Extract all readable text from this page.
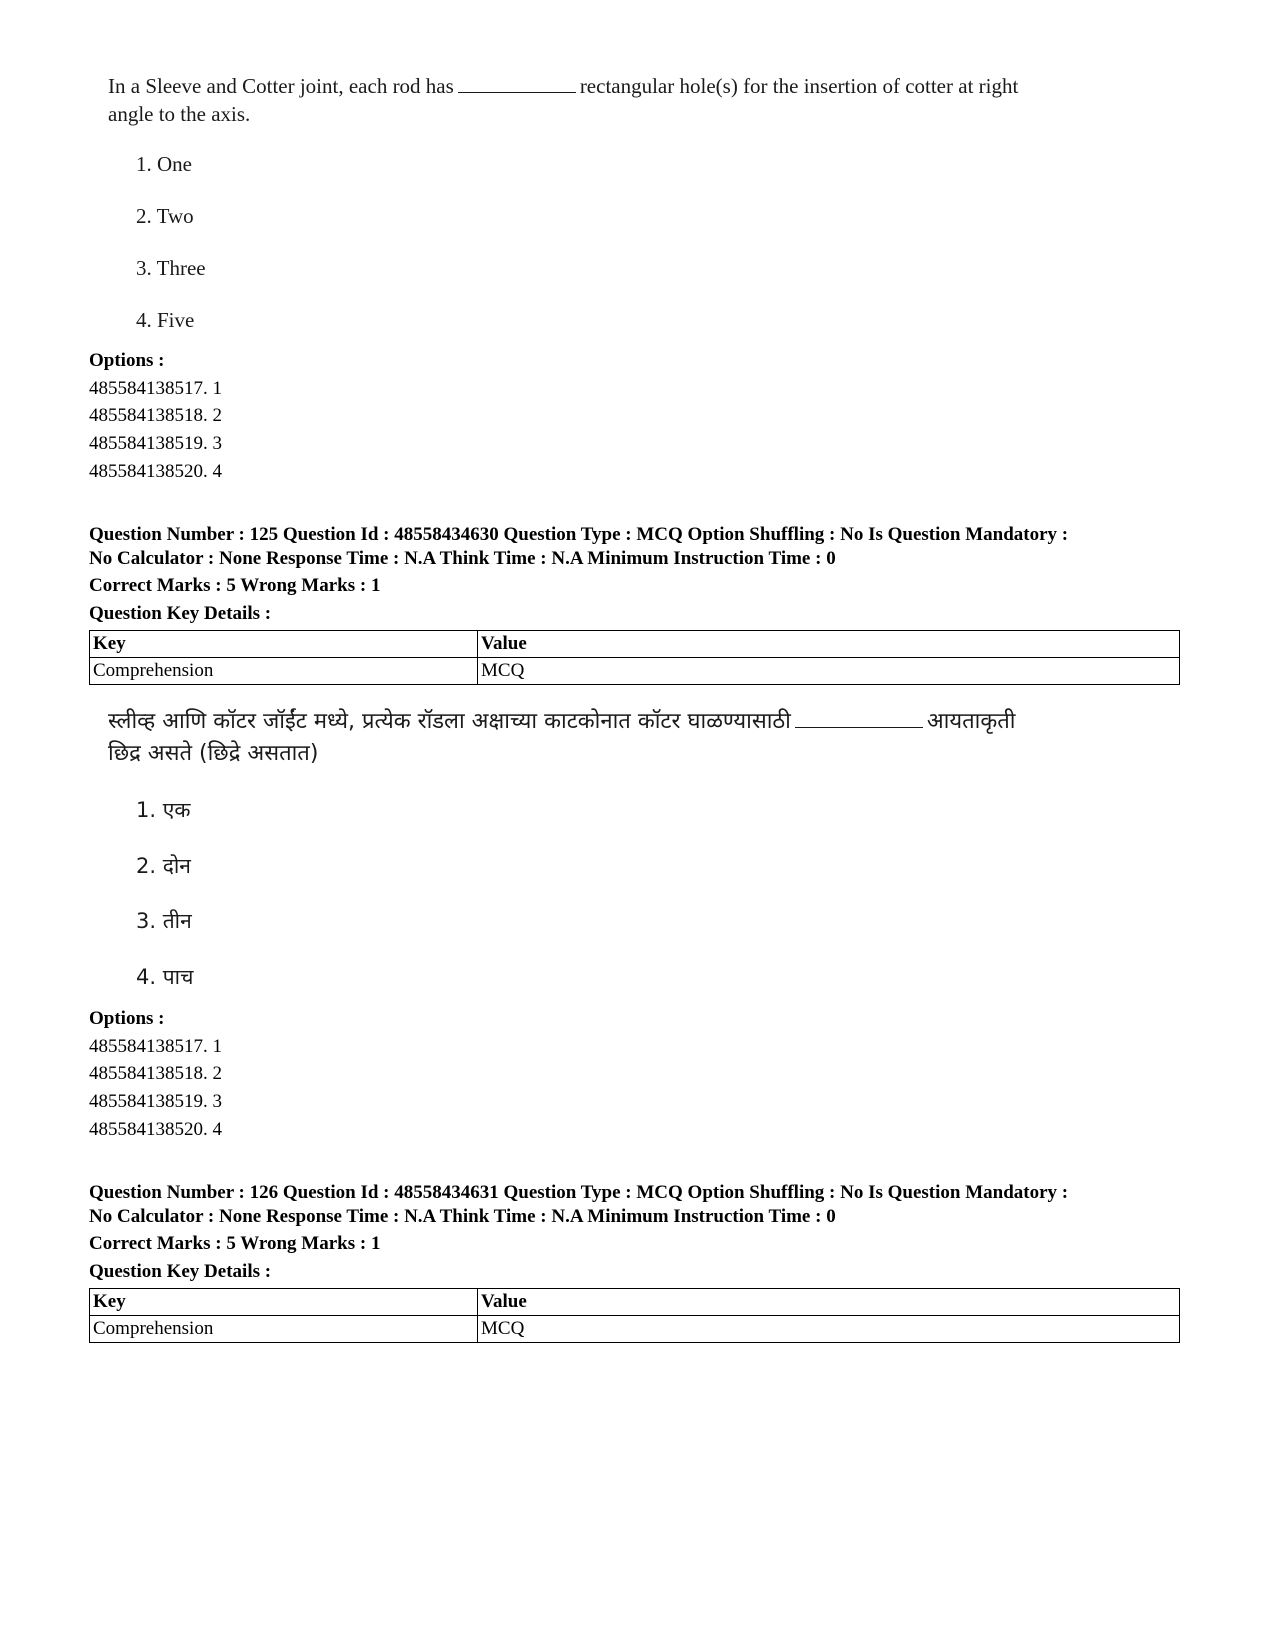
In a Sleeve and Cotter joint, each rod has	rectangular hole(s) for the insertion of cotter at right
angle to the axis.
1. One
2. Two
3. Three
4. Five
Options :
485584138517. 1
485584138518. 2
485584138519. 3
485584138520. 4
Question Number : 125 Question Id : 48558434630 Question Type : MCQ Option Shuffling : No Is Question Mandatory :
No Calculator : None Response Time : N.A Think Time : N.A Minimum Instruction Time : 0
Correct Marks : 5 Wrong Marks : 1
Question Key Details :
Key	Value
Comprehension	MCQ
स्लीव्ह आणि कॉटर जॉईंट मध्ये, प्रत्येक रॉडला अक्षाच्या काटकोनात कॉटर घाळण्यासाठी	आयताकृती
छिद्र असते (छिद्रे असतात)
1. एक
2. दोन
3. तीन
4. पाच
Options :
485584138517. 1
485584138518. 2
485584138519. 3
485584138520. 4
Question Number : 126 Question Id : 48558434631 Question Type : MCQ Option Shuffling : No Is Question Mandatory :
No Calculator : None Response Time : N.A Think Time : N.A Minimum Instruction Time : 0
Correct Marks : 5 Wrong Marks : 1
Question Key Details :
Key	Value
Comprehension	MCQ
